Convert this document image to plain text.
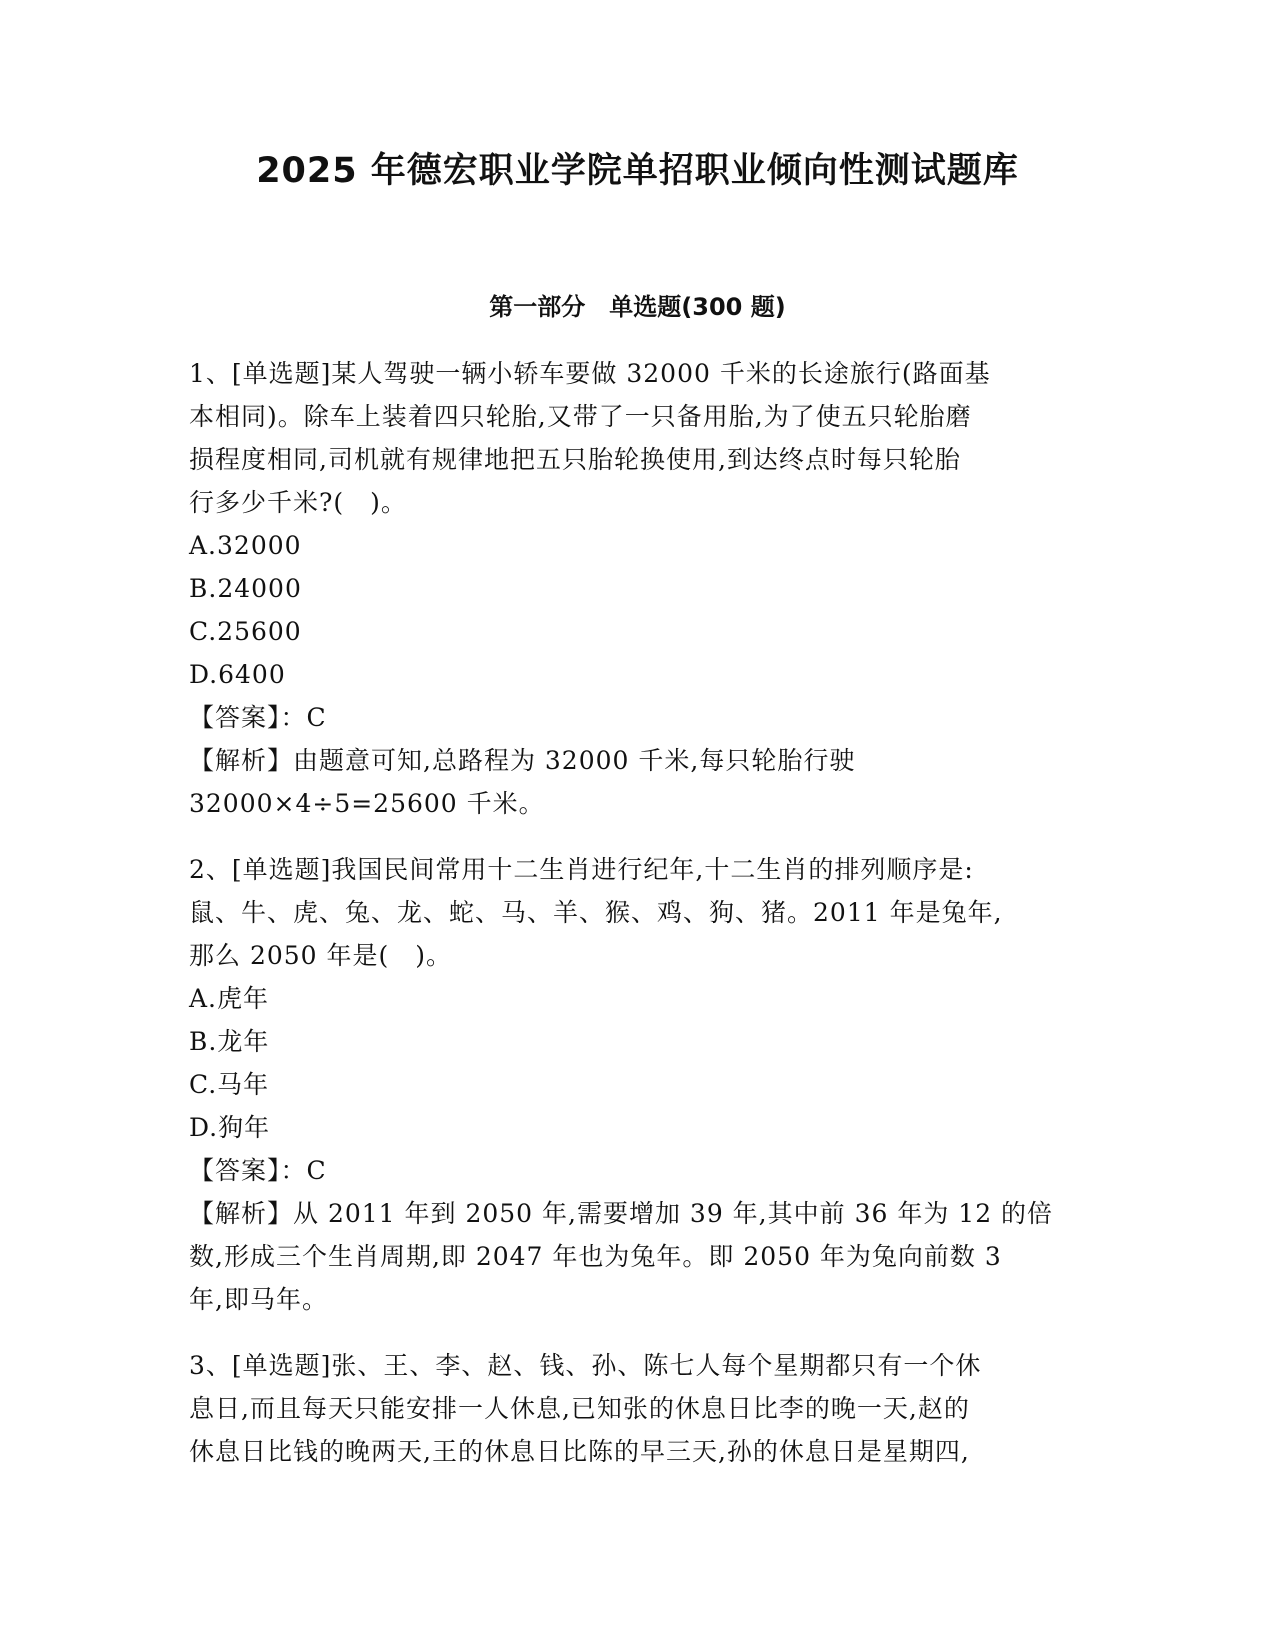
2025 年德宏职业学院单招职业倾向性测试题库
第一部分　单选题(300 题)

1、[单选题]某人驾驶一辆小轿车要做 32000 千米的长途旅行(路面基

本相同)。除车上装着四只轮胎,又带了一只备用胎,为了使五只轮胎磨

损程度相同,司机就有规律地把五只胎轮换使用,到达终点时每只轮胎

行多少千米?(　)。

A.32000

B.24000

C.25600

D.6400

【答案】：C

【解析】由题意可知,总路程为 32000 千米,每只轮胎行驶

32000×4÷5=25600 千米。

2、[单选题]我国民间常用十二生肖进行纪年,十二生肖的排列顺序是:

鼠、牛、虎、兔、龙、蛇、马、羊、猴、鸡、狗、猪。2011 年是兔年,

那么 2050 年是(　)。

A.虎年

B.龙年

C.马年

D.狗年

【答案】：C

【解析】从 2011 年到 2050 年,需要增加 39 年,其中前 36 年为 12 的倍

数,形成三个生肖周期,即 2047 年也为兔年。即 2050 年为兔向前数 3

年,即马年。

3、[单选题]张、王、李、赵、钱、孙、陈七人每个星期都只有一个休

息日,而且每天只能安排一人休息,已知张的休息日比李的晚一天,赵的

休息日比钱的晚两天,王的休息日比陈的早三天,孙的休息日是星期四,
